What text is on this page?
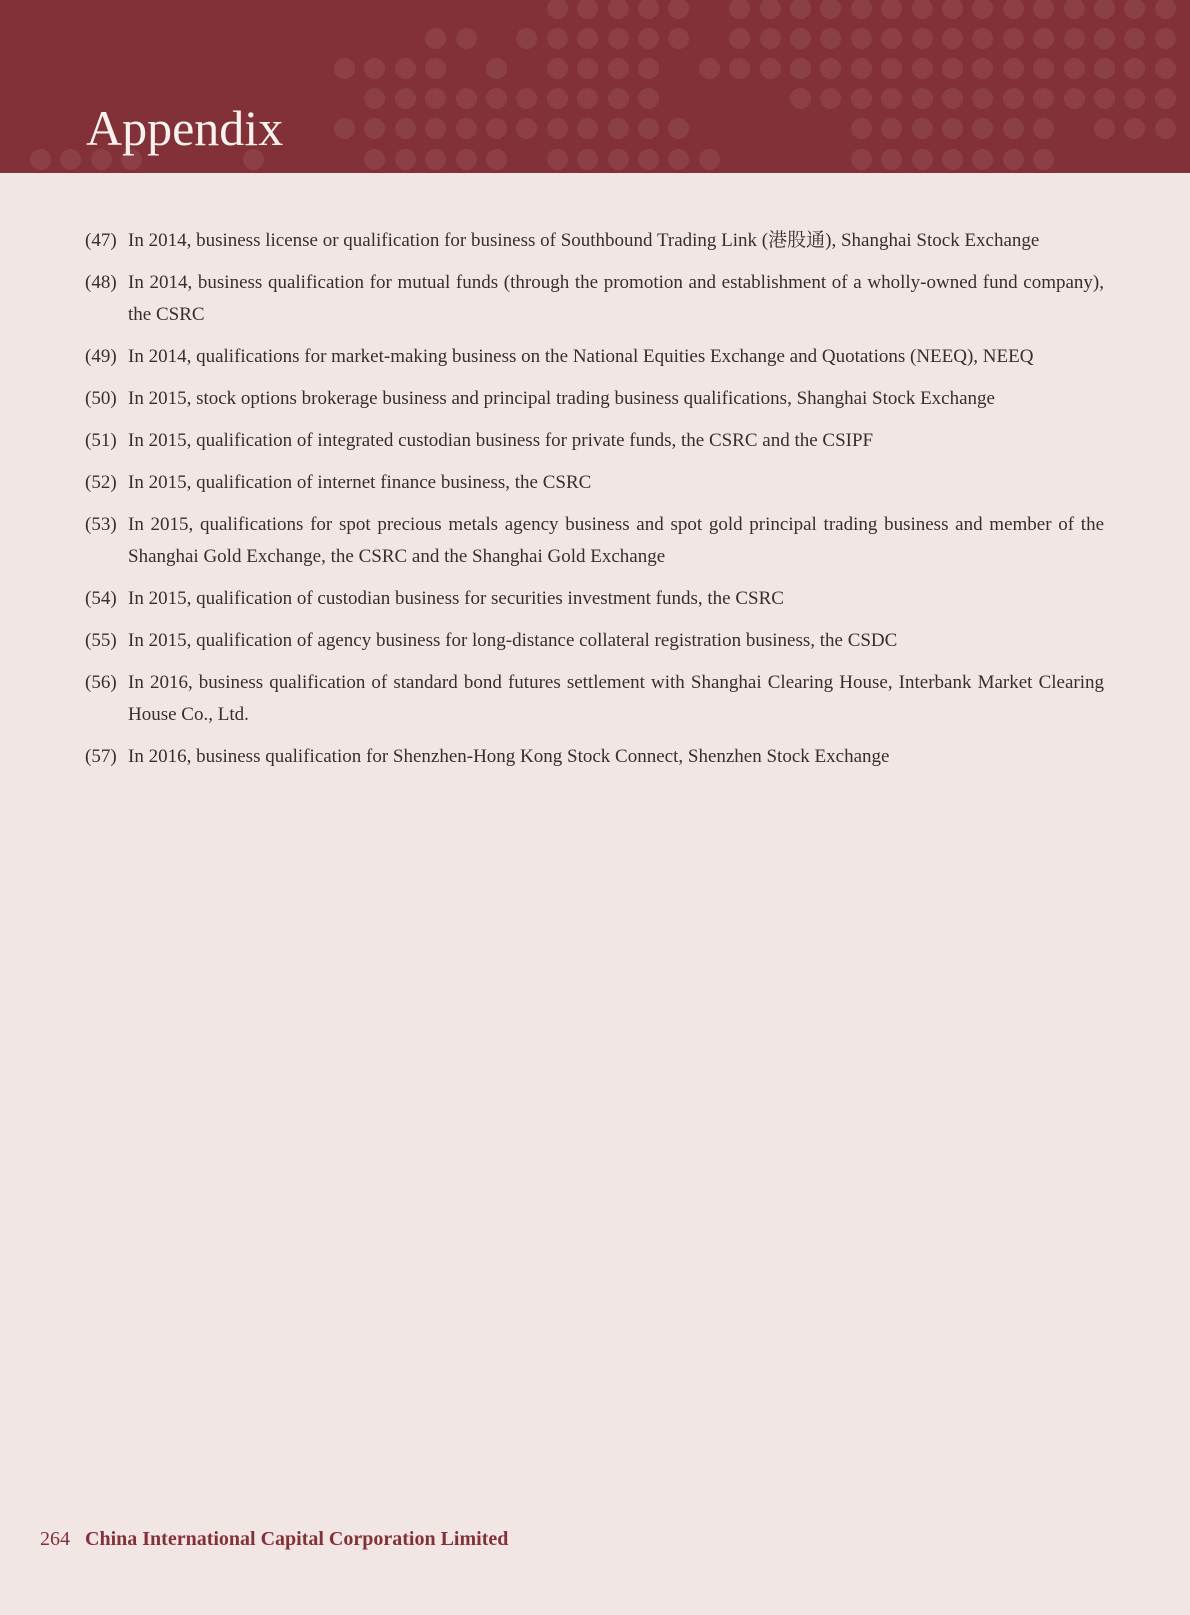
Appendix
(47) In 2014, business license or qualification for business of Southbound Trading Link (港股通), Shanghai Stock Exchange
(48) In 2014, business qualification for mutual funds (through the promotion and establishment of a wholly-owned fund company), the CSRC
(49) In 2014, qualifications for market-making business on the National Equities Exchange and Quotations (NEEQ), NEEQ
(50) In 2015, stock options brokerage business and principal trading business qualifications, Shanghai Stock Exchange
(51) In 2015, qualification of integrated custodian business for private funds, the CSRC and the CSIPF
(52) In 2015, qualification of internet finance business, the CSRC
(53) In 2015, qualifications for spot precious metals agency business and spot gold principal trading business and member of the Shanghai Gold Exchange, the CSRC and the Shanghai Gold Exchange
(54) In 2015, qualification of custodian business for securities investment funds, the CSRC
(55) In 2015, qualification of agency business for long-distance collateral registration business, the CSDC
(56) In 2016, business qualification of standard bond futures settlement with Shanghai Clearing House, Interbank Market Clearing House Co., Ltd.
(57) In 2016, business qualification for Shenzhen-Hong Kong Stock Connect, Shenzhen Stock Exchange
264 China International Capital Corporation Limited
